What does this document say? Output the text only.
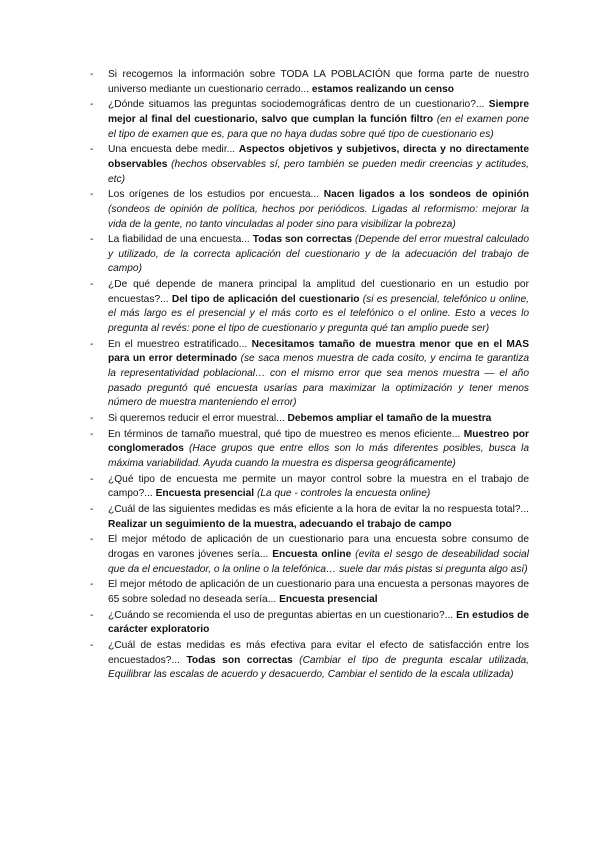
- Si recogemos la información sobre TODA LA POBLACIÓN que forma parte de nuestro universo mediante un cuestionario cerrado... estamos realizando un censo
- ¿Dónde situamos las preguntas sociodemográficas dentro de un cuestionario?... Siempre mejor al final del cuestionario, salvo que cumplan la función filtro (en el examen pone el tipo de examen que es, para que no haya dudas sobre qué tipo de cuestionario es)
- Una encuesta debe medir... Aspectos objetivos y subjetivos, directa y no directamente observables (hechos observables sí, pero también se pueden medir creencias y actitudes, etc)
- Los orígenes de los estudios por encuesta... Nacen ligados a los sondeos de opinión (sondeos de opinión de política, hechos por periódicos. Ligadas al reformismo: mejorar la vida de la gente, no tanto vinculadas al poder sino para visibilizar la pobreza)
- La fiabilidad de una encuesta... Todas son correctas (Depende del error muestral calculado y utilizado, de la correcta aplicación del cuestionario y de la adecuación del trabajo de campo)
- ¿De qué depende de manera principal la amplitud del cuestionario en un estudio por encuestas?... Del tipo de aplicación del cuestionario (si es presencial, telefónico u online, el más largo es el presencial y el más corto es el telefónico o el online. Esto a veces lo pregunta al revés: pone el tipo de cuestionario y pregunta qué tan amplio puede ser)
- En el muestreo estratificado... Necesitamos tamaño de muestra menor que en el MAS para un error determinado (se saca menos muestra de cada cosito, y encima te garantiza la representatividad poblacional… con el mismo error que sea menos muestra — el año pasado preguntó qué encuesta usarías para maximizar la optimización y tener menos número de muestra manteniendo el error)
- Si queremos reducir el error muestral... Debemos ampliar el tamaño de la muestra
- En términos de tamaño muestral, qué tipo de muestreo es menos eficiente... Muestreo por conglomerados (Hace grupos que entre ellos son lo más diferentes posibles, busca la máxima variabilidad. Ayuda cuando la muestra es dispersa geográficamente)
- ¿Qué tipo de encuesta me permite un mayor control sobre la muestra en el trabajo de campo?... Encuesta presencial (La que - controles la encuesta online)
- ¿Cuál de las siguientes medidas es más eficiente a la hora de evitar la no respuesta total?... Realizar un seguimiento de la muestra, adecuando el trabajo de campo
- El mejor método de aplicación de un cuestionario para una encuesta sobre consumo de drogas en varones jóvenes sería... Encuesta online (evita el sesgo de deseabilidad social que da el encuestador, o la online o la telefónica… suele dar más pistas si pregunta algo así)
- El mejor método de aplicación de un cuestionario para una encuesta a personas mayores de 65 sobre soledad no deseada sería... Encuesta presencial
- ¿Cuándo se recomienda el uso de preguntas abiertas en un cuestionario?... En estudios de carácter exploratorio
- ¿Cuál de estas medidas es más efectiva para evitar el efecto de satisfacción entre los encuestados?... Todas son correctas (Cambiar el tipo de pregunta escalar utilizada, Equilibrar las escalas de acuerdo y desacuerdo, Cambiar el sentido de la escala utilizada)
